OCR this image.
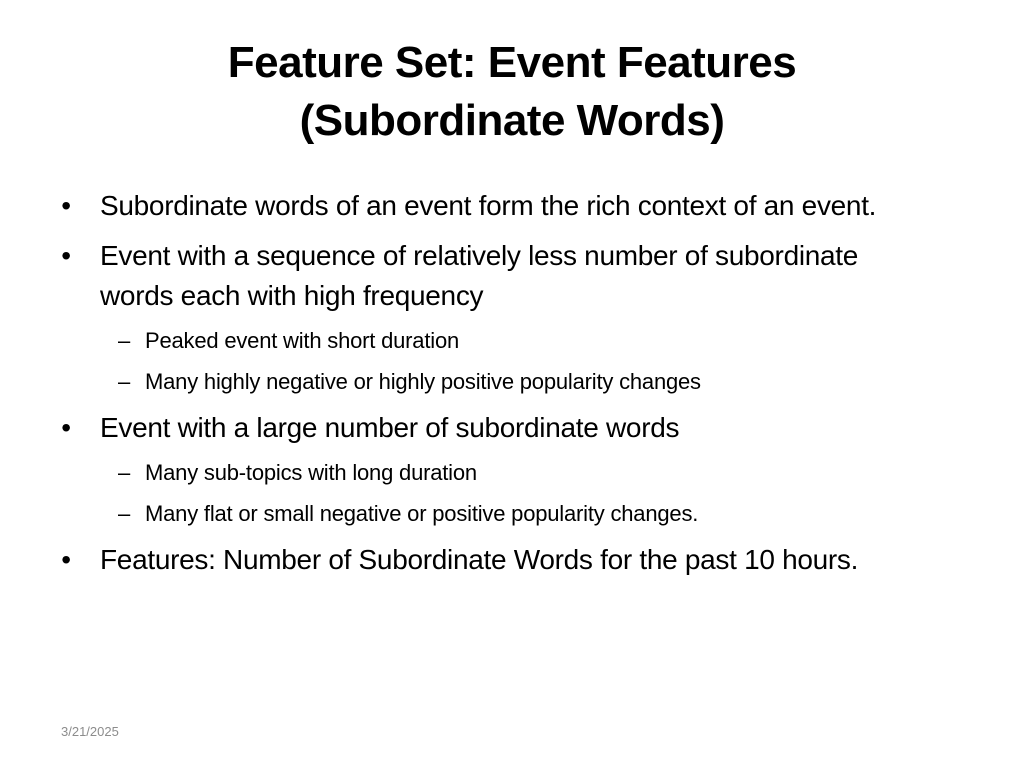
Feature Set: Event Features
(Subordinate Words)
• Subordinate words of an event form the rich context of an event.
• Event with a sequence of relatively less number of subordinate words each with high frequency
– Peaked event with short duration
– Many highly negative or highly positive popularity changes
• Event with a large number of subordinate words
– Many sub-topics with long duration
– Many flat or small negative or positive popularity changes.
• Features: Number of Subordinate Words for the past 10 hours.
3/21/2025
